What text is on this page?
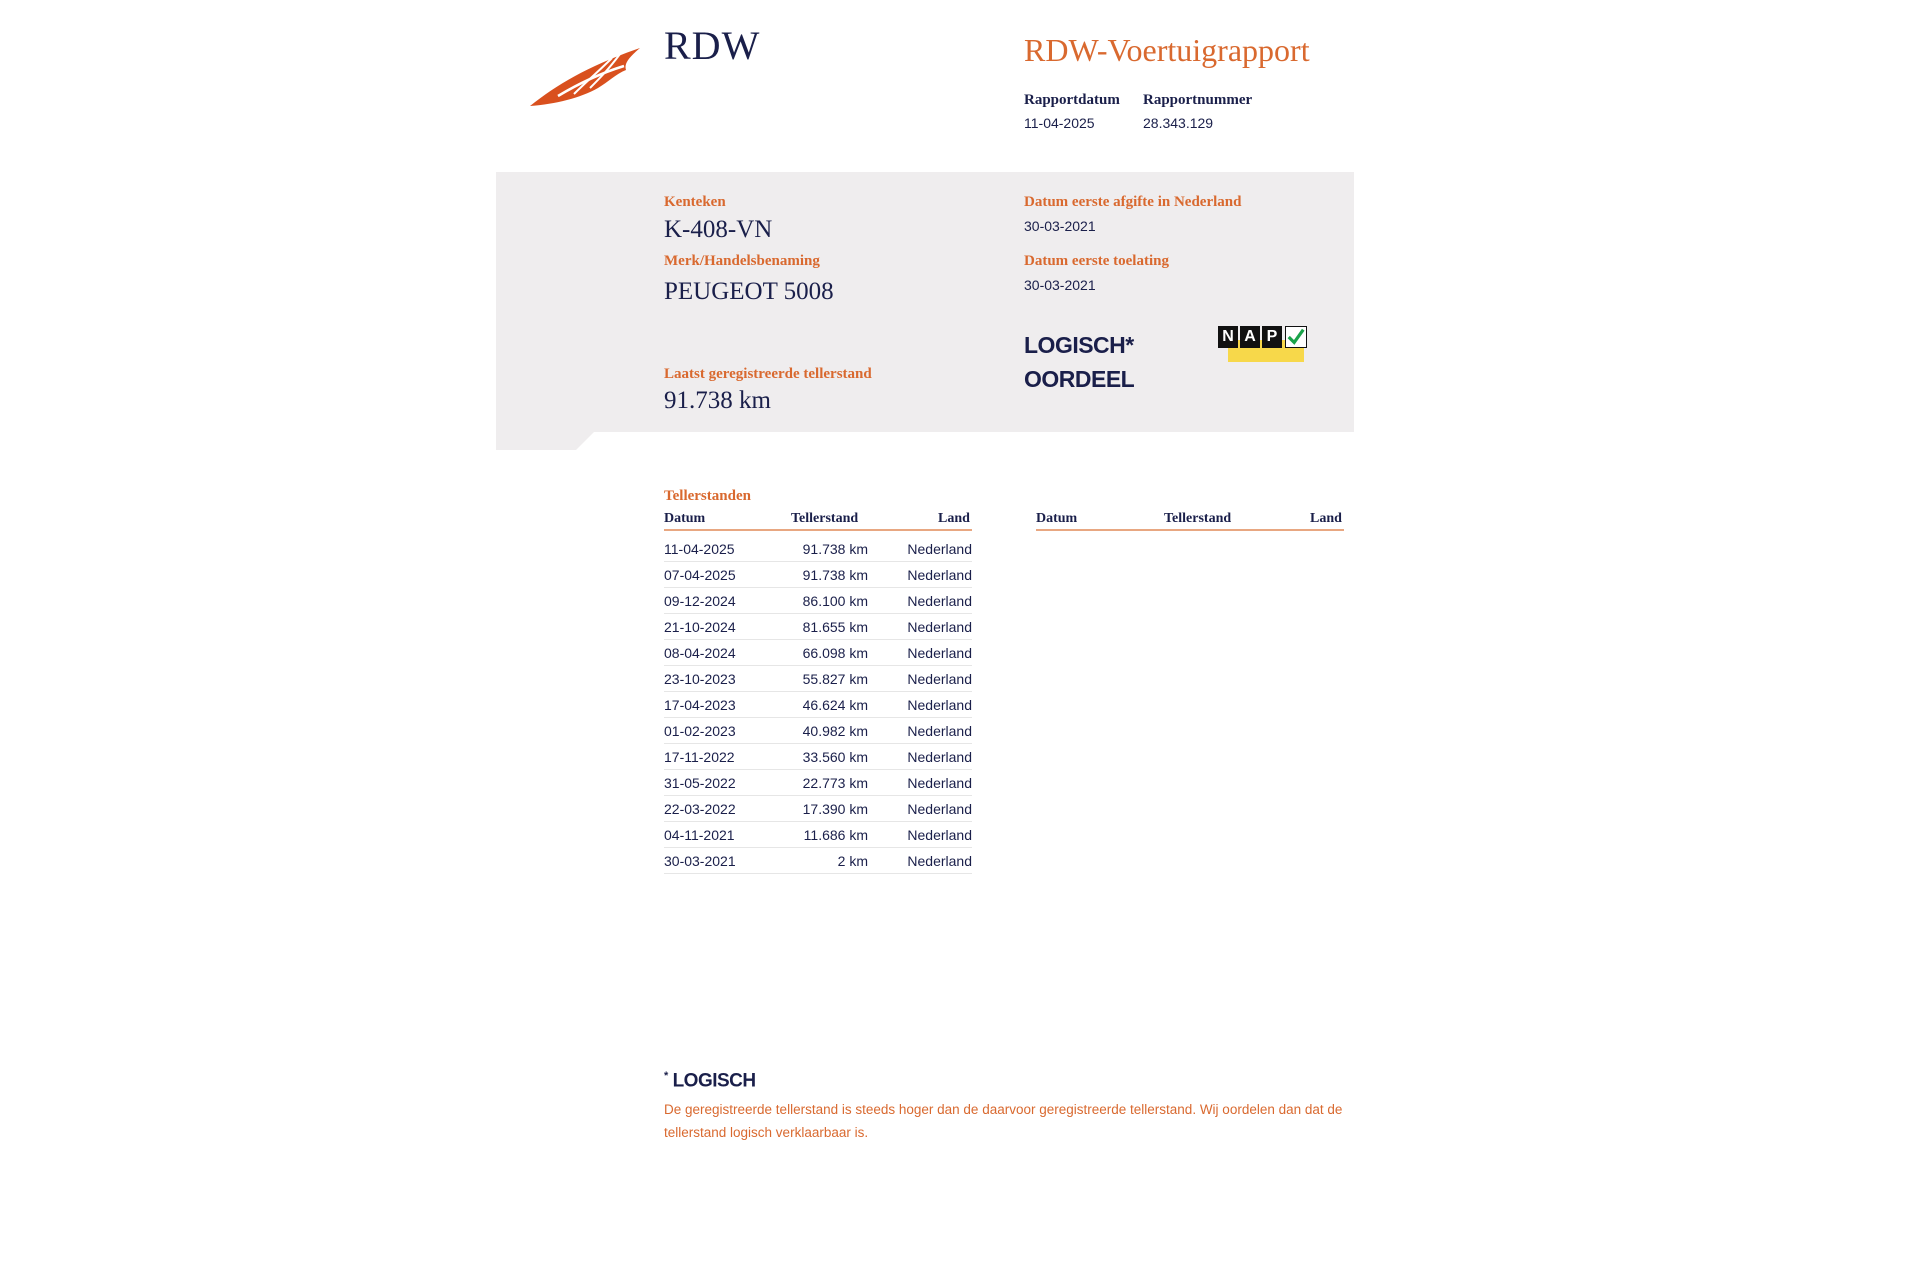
RDW	RDW-Voertuigrapport
Rapportdatum
11-04-2025
Rapportnummer
28.343.129
Kenteken
K-408-VN
Merk/Handelsbenaming
PEUGEOT 5008
Datum eerste afgifte in Nederland
30-03-2021
Datum eerste toelating
30-03-2021
LOGISCH*
OORDEEL
N A P
Laatst geregistreerde tellerstand
91.738 km
Tellerstanden
Datum	Tellerstand	Land	Datum	Tellerstand	Land
11-04-2025	91.738 km	Nederland
07-04-2025	91.738 km	Nederland
09-12-2024	86.100 km	Nederland
21-10-2024	81.655 km	Nederland
08-04-2024	66.098 km	Nederland
23-10-2023	55.827 km	Nederland
17-04-2023	46.624 km	Nederland
01-02-2023	40.982 km	Nederland
17-11-2022	33.560 km	Nederland
31-05-2022	22.773 km	Nederland
22-03-2022	17.390 km	Nederland
04-11-2021	11.686 km	Nederland
30-03-2021	2 km	Nederland
* LOGISCH
De geregistreerde tellerstand is steeds hoger dan de daarvoor geregistreerde tellerstand. Wij oordelen dan dat de tellerstand logisch verklaarbaar is.
